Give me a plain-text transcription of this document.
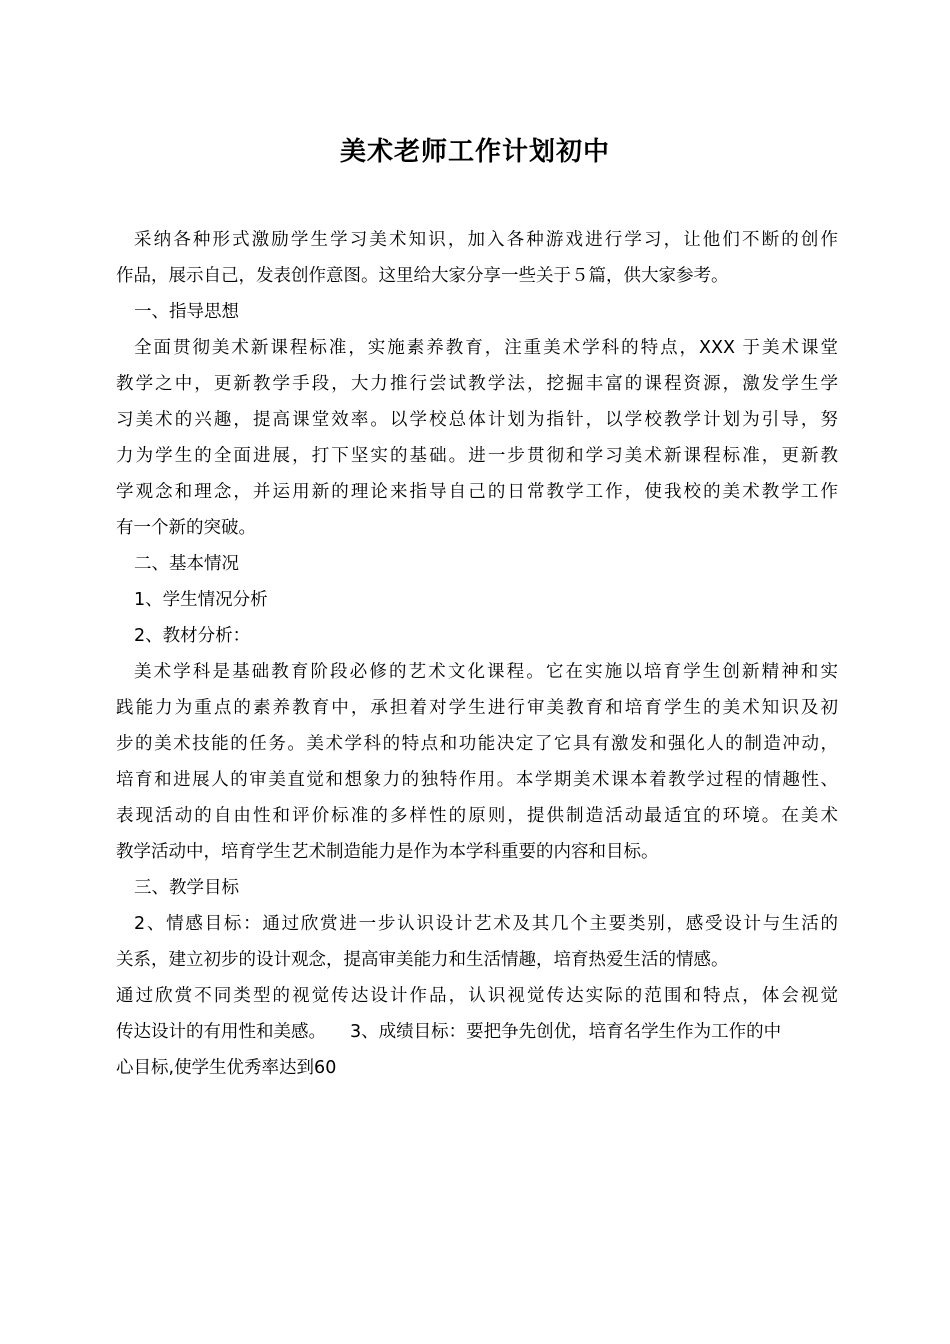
美术老师工作计划初中
采纳各种形式激励学生学习美术知识，加入各种游戏进行学习，让他们不断的创作
作品，展示自己，发表创作意图。这里给大家分享一些关于５篇，供大家参考。
一、指导思想
全面贯彻美术新课程标准，实施素养教育，注重美术学科的特点，XXX 于美术课堂
教学之中，更新教学手段，大力推行尝试教学法，挖掘丰富的课程资源，激发学生学
习美术的兴趣，提高课堂效率。以学校总体计划为指针，以学校教学计划为引导，努
力为学生的全面进展，打下坚实的基础。进一步贯彻和学习美术新课程标准，更新教
学观念和理念，并运用新的理论来指导自己的日常教学工作，使我校的美术教学工作
有一个新的突破。
二、基本情况
1、学生情况分析
2、教材分析：
美术学科是基础教育阶段必修的艺术文化课程。它在实施以培育学生创新精神和实
践能力为重点的素养教育中，承担着对学生进行审美教育和培育学生的美术知识及初
步的美术技能的任务。美术学科的特点和功能决定了它具有激发和强化人的制造冲动，
培育和进展人的审美直觉和想象力的独特作用。本学期美术课本着教学过程的情趣性、
表现活动的自由性和评价标准的多样性的原则，提供制造活动最适宜的环境。在美术
教学活动中，培育学生艺术制造能力是作为本学科重要的内容和目标。
三、教学目标
2、情感目标：通过欣赏进一步认识设计艺术及其几个主要类别，感受设计与生活的
关系，建立初步的设计观念，提高审美能力和生活情趣，培育热爱生活的情感。
通过欣赏不同类型的视觉传达设计作品，认识视觉传达实际的范围和特点，体会视觉
传达设计的有用性和美感。 3、成绩目标：要把争先创优，培育名学生作为工作的中
心目标,使学生优秀率达到60
